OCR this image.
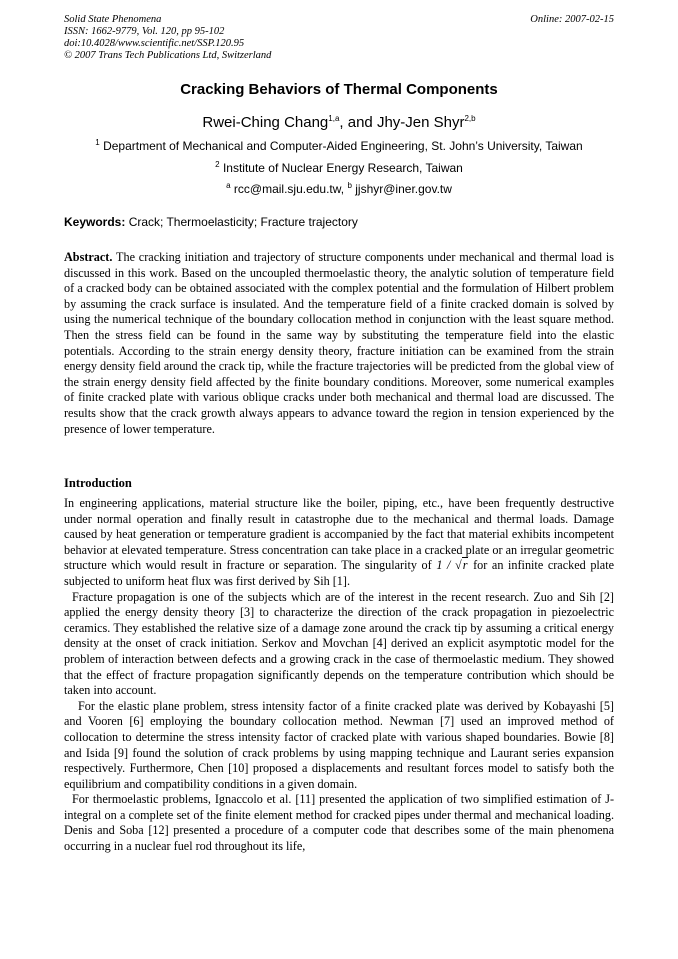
Solid State Phenomena
ISSN: 1662-9779, Vol. 120, pp 95-102
doi:10.4028/www.scientific.net/SSP.120.95
© 2007 Trans Tech Publications Ltd, Switzerland
Online: 2007-02-15
Cracking Behaviors of Thermal Components
Rwei-Ching Chang$^{1,a}$, and Jhy-Jen Shyr$^{2,b}$
$^1$ Department of Mechanical and Computer-Aided Engineering, St. John’s University, Taiwan
$^2$ Institute of Nuclear Energy Research, Taiwan
$^a$ rcc@mail.sju.edu.tw, $^b$ jjshyr@iner.gov.tw
Keywords: Crack; Thermoelasticity; Fracture trajectory
Abstract. The cracking initiation and trajectory of structure components under mechanical and thermal load is discussed in this work. Based on the uncoupled thermoelastic theory, the analytic solution of temperature field of a cracked body can be obtained associated with the complex potential and the formulation of Hilbert problem by assuming the crack surface is insulated. And the temperature field of a finite cracked domain is solved by using the numerical technique of the boundary collocation method in conjunction with the least square method. Then the stress field can be found in the same way by substituting the temperature field into the elastic potentials. According to the strain energy density theory, fracture initiation can be examined from the strain energy density field around the crack tip, while the fracture trajectories will be predicted from the global view of the strain energy density field affected by the finite boundary conditions. Moreover, some numerical examples of finite cracked plate with various oblique cracks under both mechanical and thermal load are discussed. The results show that the crack growth always appears to advance toward the region in tension experienced by the presence of lower temperature.
Introduction

In engineering applications, material structure like the boiler, piping, etc., have been frequently destructive under normal operation and finally result in catastrophe due to the mechanical and thermal loads. Damage caused by heat generation or temperature gradient is accompanied by the fact that material exhibits incompetent behavior at elevated temperature. Stress concentration can take place in a cracked plate or an irregular geometric structure which would result in fracture or separation. The singularity of 1 / √r for an infinite cracked plate subjected to uniform heat flux was first derived by Sih [1].

Fracture propagation is one of the subjects which are of the interest in the recent research. Zuo and Sih [2] applied the energy density theory [3] to characterize the direction of the crack propagation in piezoelectric ceramics. They established the relative size of a damage zone around the crack tip by assuming a critical energy density at the onset of crack initiation. Serkov and Movchan [4] derived an explicit asymptotic model for the problem of interaction between defects and a growing crack in the case of thermoelastic medium. They showed that the effect of fracture propagation significantly depends on the temperature contribution which should be taken into account.

For the elastic plane problem, stress intensity factor of a finite cracked plate was derived by Kobayashi [5] and Vooren [6] employing the boundary collocation method. Newman [7] used an improved method of collocation to determine the stress intensity factor of cracked plate with various shaped boundaries. Bowie [8] and Isida [9] found the solution of crack problems by using mapping technique and Laurant series expansion respectively. Furthermore, Chen [10] proposed a displacements and resultant forces model to satisfy both the equilibrium and compatibility conditions in a given domain.

For thermoelastic problems, Ignaccolo et al. [11] presented the application of two simplified estimation of J-integral on a complete set of the finite element method for cracked pipes under thermal and mechanical loading. Denis and Soba [12] presented a procedure of a computer code that describes some of the main phenomena occurring in a nuclear fuel rod throughout its life,
